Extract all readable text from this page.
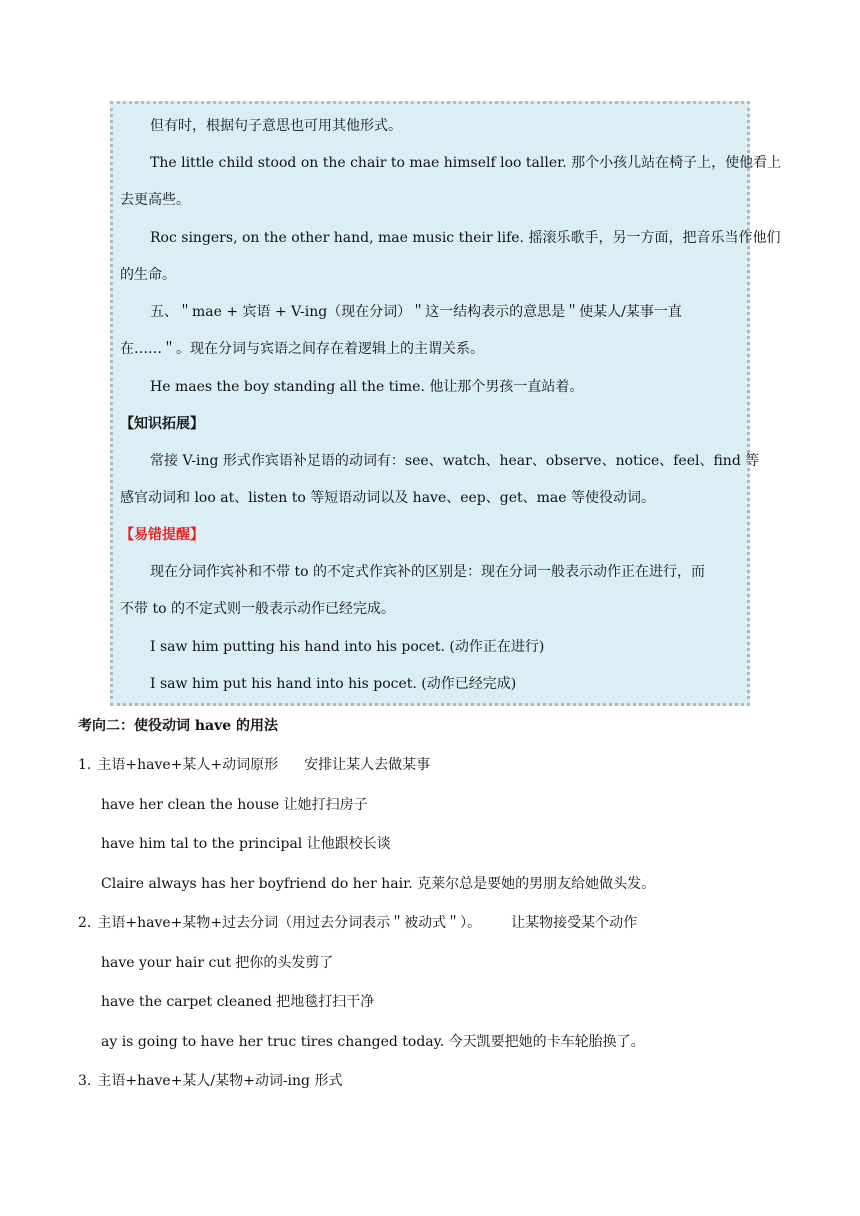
但有时，根据句子意思也可用其他形式。
The little child stood on the chair to mae himself loo taller. 那个小孩儿站在椅子上，使他看上
去更高些。
Roc singers, on the other hand, mae music their life. 摇滚乐歌手，另一方面，把音乐当作他们
的生命。
五、＂mae + 宾语 + V-ing（现在分词）＂这一结构表示的意思是＂使某人/某事一直
在……＂。现在分词与宾语之间存在着逻辑上的主谓关系。
He maes the boy standing all the time. 他让那个男孩一直站着。
【知识拓展】
常接 V-ing 形式作宾语补足语的动词有：see、watch、hear、observe、notice、feel、find 等
感官动词和 loo at、listen to 等短语动词以及 have、eep、get、mae 等使役动词。
【易错提醒】
现在分词作宾补和不带 to 的不定式作宾补的区别是：现在分词一般表示动作正在进行，而
不带 to 的不定式则一般表示动作已经完成。
I saw him putting his hand into his pocet. (动作正在进行)
I saw him put his hand into his pocet. (动作已经完成)
考向二：使役动词 have 的用法
1. 主语+have+某人+动词原形 安排让某人去做某事
have her clean the house 让她打扫房子
have him tal to the principal 让他跟校长谈
Claire always has her boyfriend do her hair. 克莱尔总是要她的男朋友给她做头发。
2. 主语+have+某物+过去分词（用过去分词表示＂被动式＂）。 让某物接受某个动作
have your hair cut 把你的头发剪了
have the carpet cleaned 把地毯打扫干净
ay is going to have her truc tires changed today. 今天凯要把她的卡车轮胎换了。
3. 主语+have+某人/某物+动词-ing 形式
